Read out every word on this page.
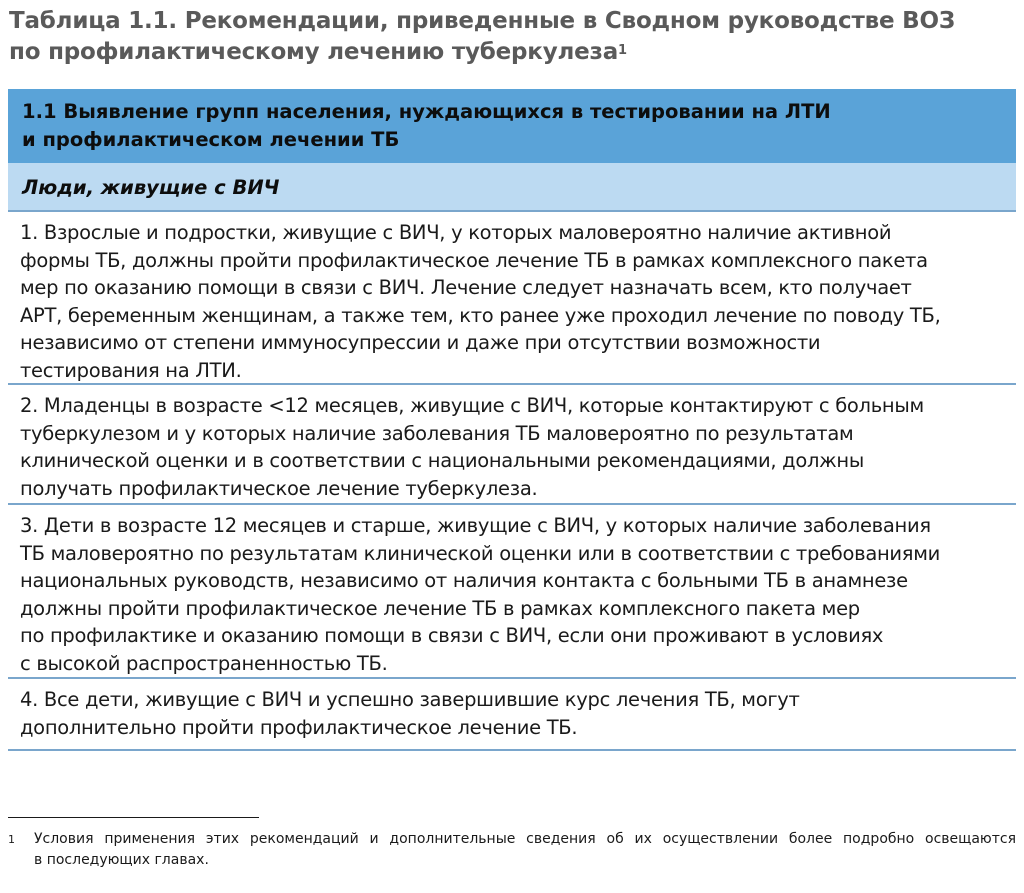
Таблица 1.1. Рекомендации, приведенные в Сводном руководстве ВОЗ
по профилактическому лечению туберкулеза$^1$
1.1 Выявление групп населения, нуждающихся в тестировании на ЛТИ
и профилактическом лечении ТБ
Люди, живущие с ВИЧ
1. Взрослые и подростки, живущие с ВИЧ, у которых маловероятно наличие активной
формы ТБ, должны пройти профилактическое лечение ТБ в рамках комплексного пакета
мер по оказанию помощи в связи с ВИЧ. Лечение следует назначать всем, кто получает
АРТ, беременным женщинам, а также тем, кто ранее уже проходил лечение по поводу ТБ,
независимо от степени иммуносупрессии и даже при отсутствии возможности
тестирования на ЛТИ.
2. Младенцы в возрасте <12 месяцев, живущие с ВИЧ, которые контактируют с больным
туберкулезом и у которых наличие заболевания ТБ маловероятно по результатам
клинической оценки и в соответствии с национальными рекомендациями, должны
получать профилактическое лечение туберкулеза.
3. Дети в возрасте 12 месяцев и старше, живущие с ВИЧ, у которых наличие заболевания
ТБ маловероятно по результатам клинической оценки или в соответствии с требованиями
национальных руководств, независимо от наличия контакта с больными ТБ в анамнезе
должны пройти профилактическое лечение ТБ в рамках комплексного пакета мер
по профилактике и оказанию помощи в связи с ВИЧ, если они проживают в условиях
с высокой распространенностью ТБ.
4. Все дети, живущие с ВИЧ и успешно завершившие курс лечения ТБ, могут
дополнительно пройти профилактическое лечение ТБ.
1 Условия применения этих рекомендаций и дополнительные сведения об их осуществлении более подробно освещаются
в последующих главах.
